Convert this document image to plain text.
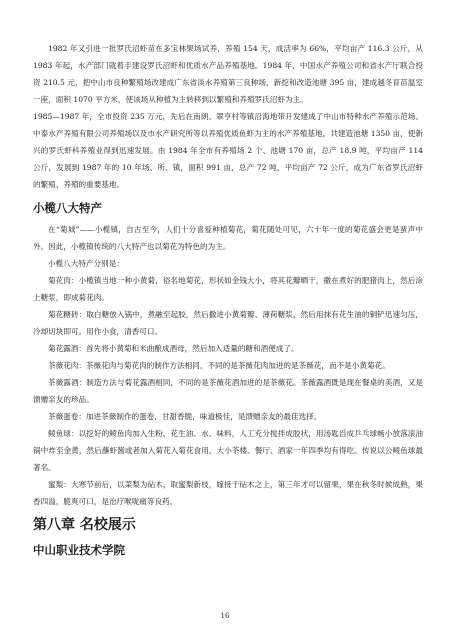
1982 年又引进一批罗氏沼虾苗在多宝林果场试养，养殖 154 天，成活率为 66%，平均亩产 116.3 公斤，从 1983 年起，水产部门就着手建设罗氏沼虾和优质水产品养殖基地。1984 年，中国水产养殖公司和省水产厅联合投资 210.5 元，把中山市良种繁殖场改建成广东省淡水养殖第三良种场，新挖和改造池塘 395 亩，建成越冬育苗温室一座，面积 1070 平方米，使该场从种植为主转移到以繁殖和养殖罗氏沼虾为主。

1985—1987 年，全市投资 235 万元，先后在南朗、翠亨村等镇沿海地带开发建成了中山市特种水产养殖示范场、中泰水产养殖有限公司养殖场以及市水产研究所等以养殖优质鱼虾为主的水产养殖基地，共建造池塘 1350 亩，使新兴的罗氏虾科养殖业得到迅速发展。由 1984 年全市有养殖场 2 个、池塘 170 亩，总产 18.9 吨，平均亩产 114 公斤，发展到 1987 年的 10 年场、所、镇，面积 991 亩，总产 72 吨，平均亩产 72 公斤，成为广东省罗氏沼虾的繁殖、养殖的重要基地。

小榄八大特产

在“菊城”——小榄镇，自古至今，人们十分喜爱种植菊花，菊花随处可见，六十年一度的菊花盛会更是蜚声中外。因此，小榄镇传统的八大特产也以菊花为特色的为主。

小榄八大特产分别是：

菊花肉：小榄镇当地一种小黄菊，俗名地菊花，形状如金钱大小，将其花瓣晒干，撒在煮好的肥猪肉上，然后涂上糖浆，即成菊花肉。

菊花糖砖：取白糖放入锅中，煮融至起胶，然后撒进小黄菊瓣、薄荷糖浆，然后用抹有花生油的铜铲迅速匀压，冷却切块即可。用作小食，清香可口。

菊花露酒：首先将小黄菊和米曲酿成酒母，然后加入适量的糖和酒便成了。

茶薇花肉：茶薇花肉与菊花肉的制作方法相同，不同的是茶薇花肉加进的是茶薇花，而不是小黄菊花。

茶薇露酒：制造方法与菊花露酒相同，不同的是茶薇花酒加进的是茶薇花。茶薇露酒既是现在餐桌的美酒，又是馈赠亲友的珍品。

茶薇蛋卷：加进茶薇制作的蛋卷，甘甜香脆，味道极佳，是馈赠亲友的最佳选择。

鲮鱼球：以挖好的鲮鱼肉加入生粉、花生油、水、味料，人工充分搅拌成胶状，用汤匙舀成乒乓球畅小放落滚油锅中炸至金黄，然后蘸虾酱或者加入菊花入菊花食用，大小茶楼、餐厅、酒家一年四季均有得吃。传说以公鲮鱼球最著名。

蜜梨：大寒节前后，以菜梨为砧木，取蜜梨新枝，嫁接于砧木之上，第三年才可以留果，果在秋冬时候成熟，果香四溢，脆爽可口，是治疗喉咙痛等良药。

第八章 名校展示
中山职业技术学院
16
